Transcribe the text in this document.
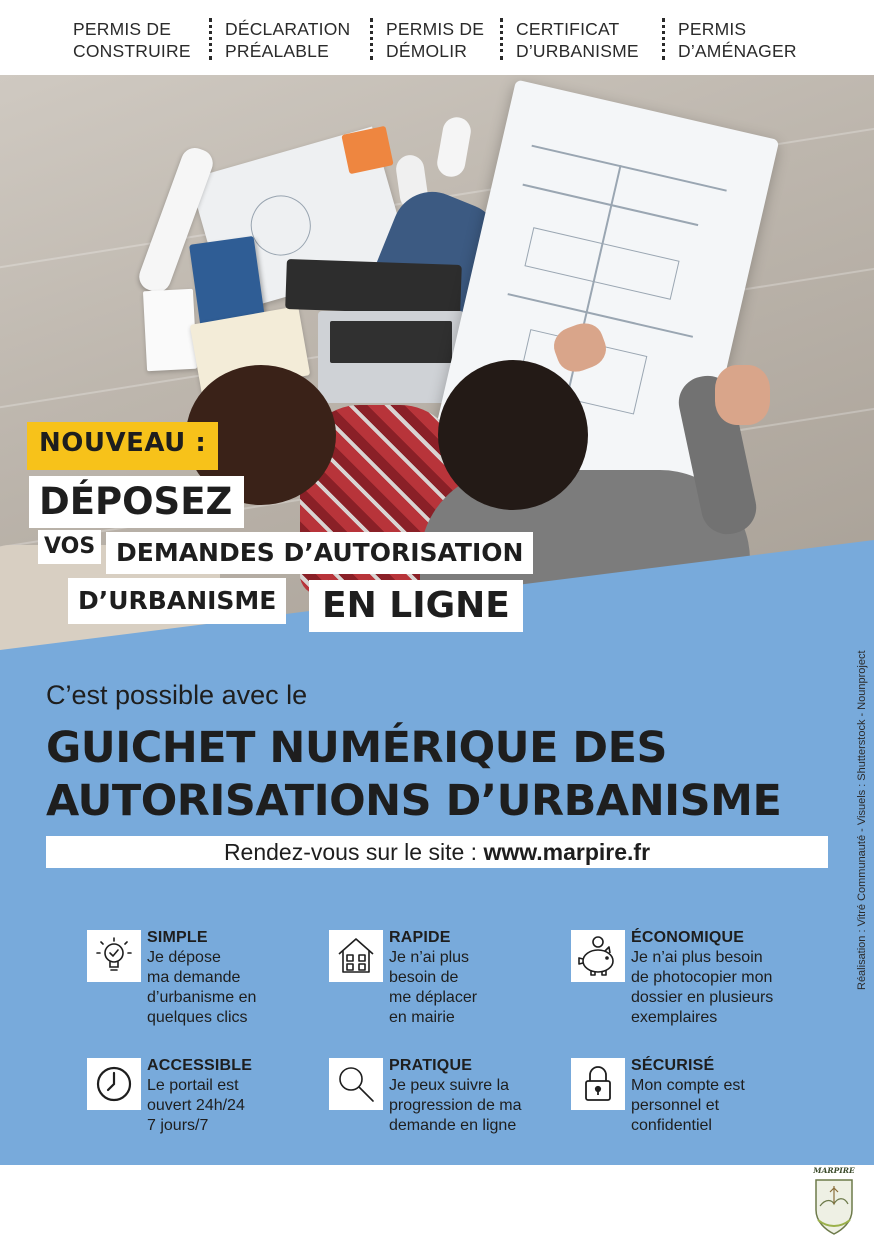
PERMIS DE
CONSTRUIRE
DÉCLARATION
PRÉALABLE
PERMIS DE
DÉMOLIR
CERTIFICAT
D’URBANISME
PERMIS
D’AMÉNAGER
NOUVEAU :
DÉPOSEZ
VOS DEMANDES D’AUTORISATION
D’URBANISME	EN LIGNE
C’est possible avec le
GUICHET NUMÉRIQUE DES
AUTORISATIONS D’URBANISME
Rendez-vous sur le site : www.marpire.fr
SIMPLE
Je dépose
ma demande
d’urbanisme en
quelques clics
RAPIDE
Je n’ai plus
besoin de
me déplacer
en mairie
ÉCONOMIQUE
Je n’ai plus besoin
de photocopier mon
dossier en plusieurs
exemplaires
ACCESSIBLE
Le portail est
ouvert 24h/24
7 jours/7
PRATIQUE
Je peux suivre la
progression de ma
demande en ligne
SÉCURISÉ
Mon compte est
personnel et
confidentiel
Réalisation : Vitré Communauté - Visuels : Shutterstock - Nounproject
MARPIRE
